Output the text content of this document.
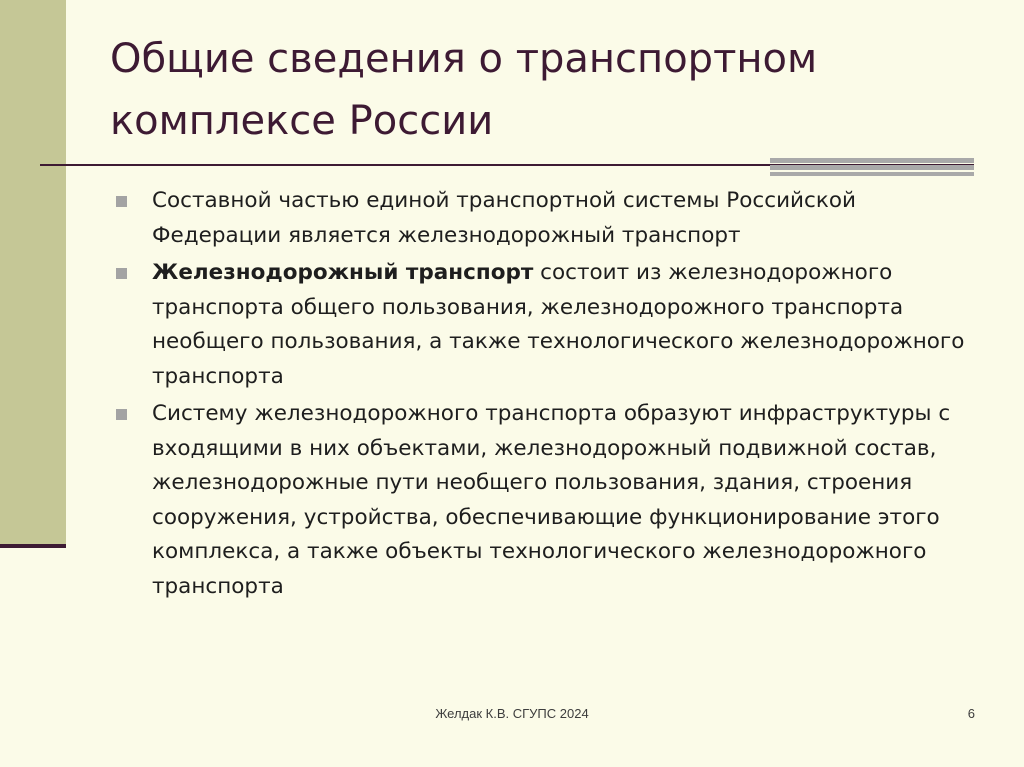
Общие сведения о транспортном комплексе России
Составной частью единой транспортной системы Российской Федерации является железнодорожный транспорт
Железнодорожный транспорт состоит из железнодорожного транспорта общего пользования, железнодорожного транспорта необщего пользования, а также технологического железнодорожного транспорта
Систему железнодорожного транспорта образуют инфраструктуры с входящими в них объектами, железнодорожный подвижной состав, железнодорожные пути необщего пользования, здания, строения сооружения, устройства, обеспечивающие функционирование этого комплекса, а также объекты технологического железнодорожного транспорта
Желдак К.В. СГУПС 2024	6
